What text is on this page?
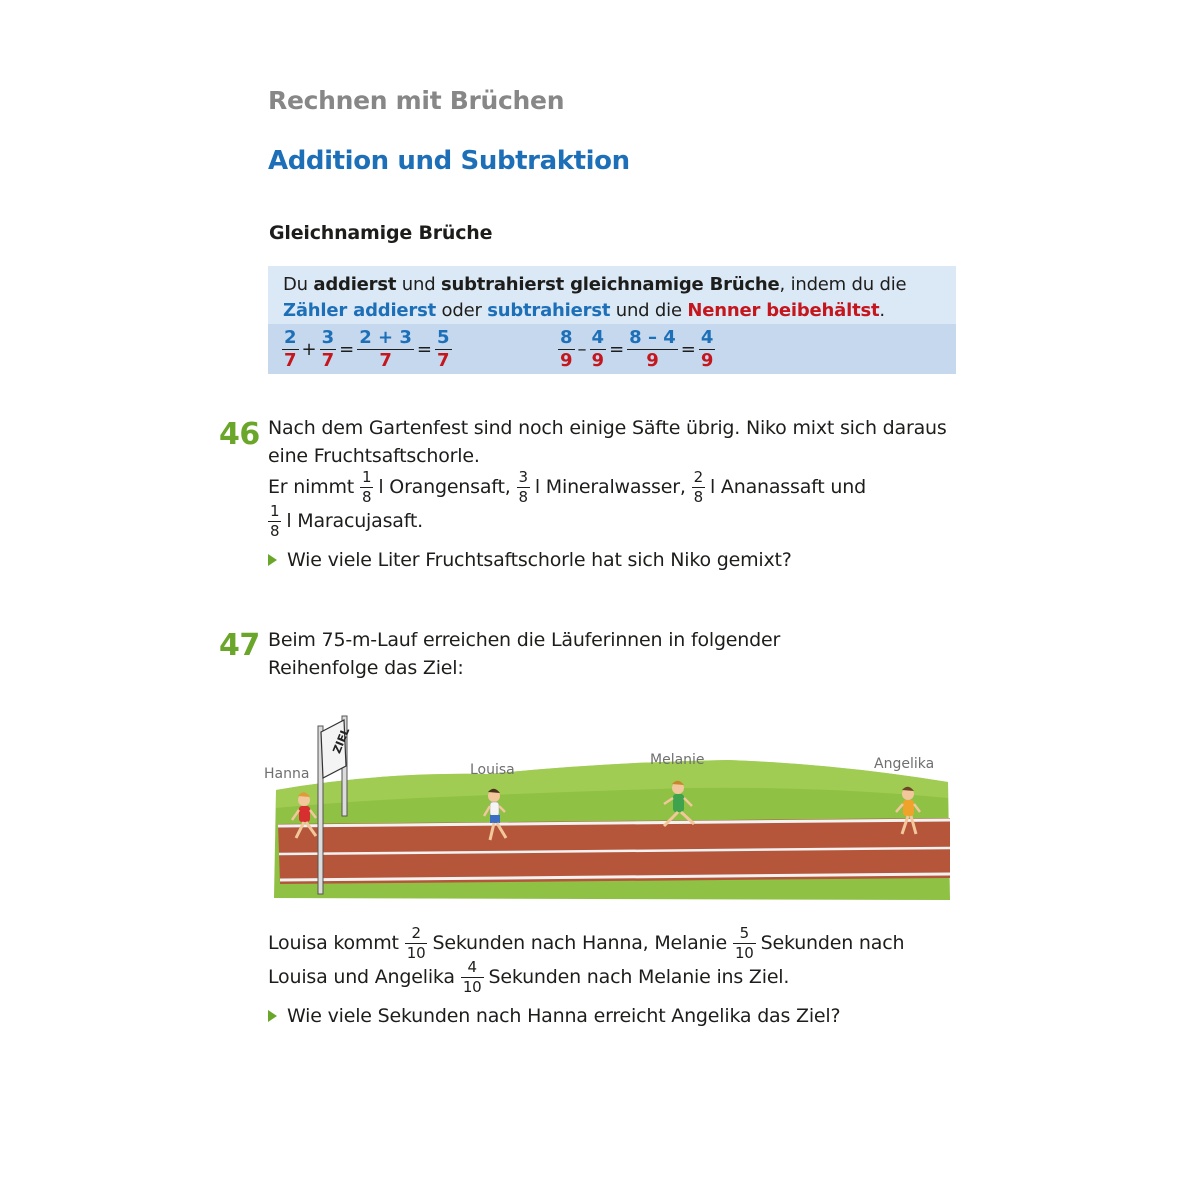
Rechnen mit Brüchen
Addition und Subtraktion
Gleichnamige Brüche
Du addierst und subtrahierst gleichnamige Brüche, indem du die
Zähler addierst oder subtrahierst und die Nenner beibehältst.
$\frac{2}{7} + \frac{3}{7} = \frac{2 + 3}{7} = \frac{5}{7}$	$\frac{8}{9} - \frac{4}{9} = \frac{8 - 4}{9} = \frac{4}{9}$
46 Nach dem Gartenfest sind noch einige Säfte übrig. Niko mixt sich daraus
eine Fruchtsaftschorle.
Er nimmt $\frac{1}{8}$ l Orangensaft, $\frac{3}{8}$ l Mineralwasser, $\frac{2}{8}$ l Ananassaft und
$\frac{1}{8}$ l Maracujasaft.
Wie viele Liter Fruchtsaftschorle hat sich Niko gemixt?
47 Beim 75-m-Lauf erreichen die Läuferinnen in folgender
Reihenfolge das Ziel:
ZIEL
Hanna	Louisa
Melanie	Angelika
Louisa kommt $\frac{2}{10}$ Sekunden nach Hanna, Melanie $\frac{5}{10}$ Sekunden nach
Louisa und Angelika $\frac{4}{10}$ Sekunden nach Melanie ins Ziel.
Wie viele Sekunden nach Hanna erreicht Angelika das Ziel?
